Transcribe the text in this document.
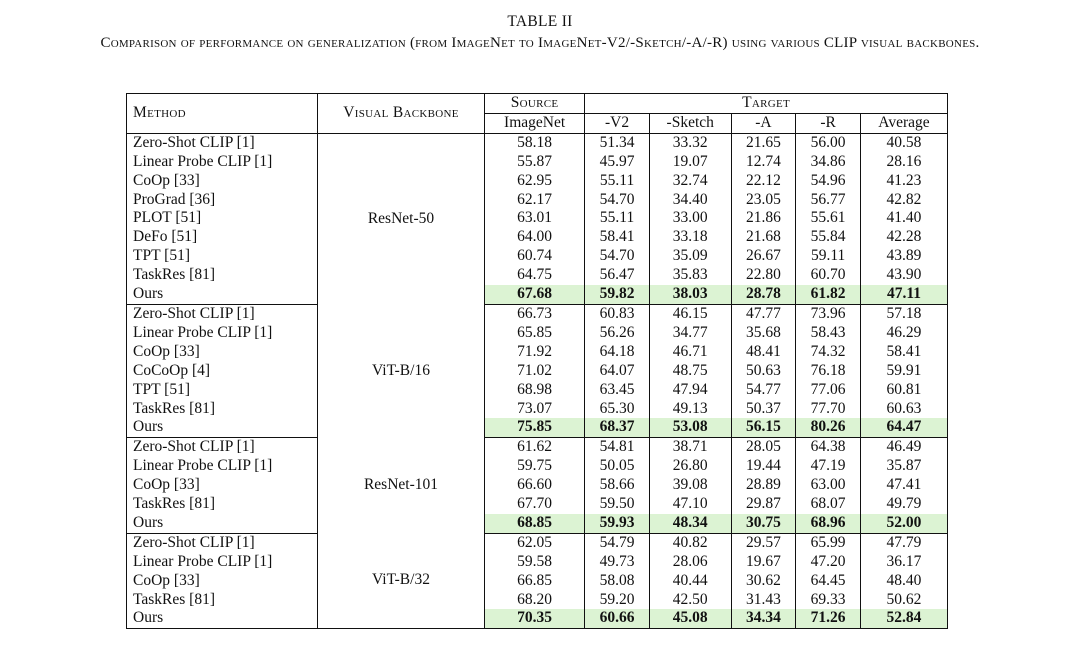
TABLE II
Comparison of performance on generalization (from ImageNet to ImageNet-V2/-Sketch/-A/-R) using various CLIP visual backbones.
Method	Visual Backbone	Source	Target				
		ImageNet	-V2	-Sketch	-A	-R	Average
Zero-Shot CLIP [1]	ResNet-50	58.18	51.34	33.32	21.65	56.00	40.58
Linear Probe CLIP [1]		55.87	45.97	19.07	12.74	34.86	28.16
CoOp [33]		62.95	55.11	32.74	22.12	54.96	41.23
ProGrad [36]		62.17	54.70	34.40	23.05	56.77	42.82
PLOT [51]		63.01	55.11	33.00	21.86	55.61	41.40
DeFo [51]		64.00	58.41	33.18	21.68	55.84	42.28
TPT [51]		60.74	54.70	35.09	26.67	59.11	43.89
TaskRes [81]		64.75	56.47	35.83	22.80	60.70	43.90
Ours		67.68	59.82	38.03	28.78	61.82	47.11
Zero-Shot CLIP [1]	ViT-B/16	66.73	60.83	46.15	47.77	73.96	57.18
Linear Probe CLIP [1]		65.85	56.26	34.77	35.68	58.43	46.29
CoOp [33]		71.92	64.18	46.71	48.41	74.32	58.41
CoCoOp [4]		71.02	64.07	48.75	50.63	76.18	59.91
TPT [51]		68.98	63.45	47.94	54.77	77.06	60.81
TaskRes [81]		73.07	65.30	49.13	50.37	77.70	60.63
Ours		75.85	68.37	53.08	56.15	80.26	64.47
Zero-Shot CLIP [1]	ResNet-101	61.62	54.81	38.71	28.05	64.38	46.49
Linear Probe CLIP [1]		59.75	50.05	26.80	19.44	47.19	35.87
CoOp [33]		66.60	58.66	39.08	28.89	63.00	47.41
TaskRes [81]		67.70	59.50	47.10	29.87	68.07	49.79
Ours		68.85	59.93	48.34	30.75	68.96	52.00
Zero-Shot CLIP [1]	ViT-B/32	62.05	54.79	40.82	29.57	65.99	47.79
Linear Probe CLIP [1]		59.58	49.73	28.06	19.67	47.20	36.17
CoOp [33]		66.85	58.08	40.44	30.62	64.45	48.40
TaskRes [81]		68.20	59.20	42.50	31.43	69.33	50.62
Ours		70.35	60.66	45.08	34.34	71.26	52.84
